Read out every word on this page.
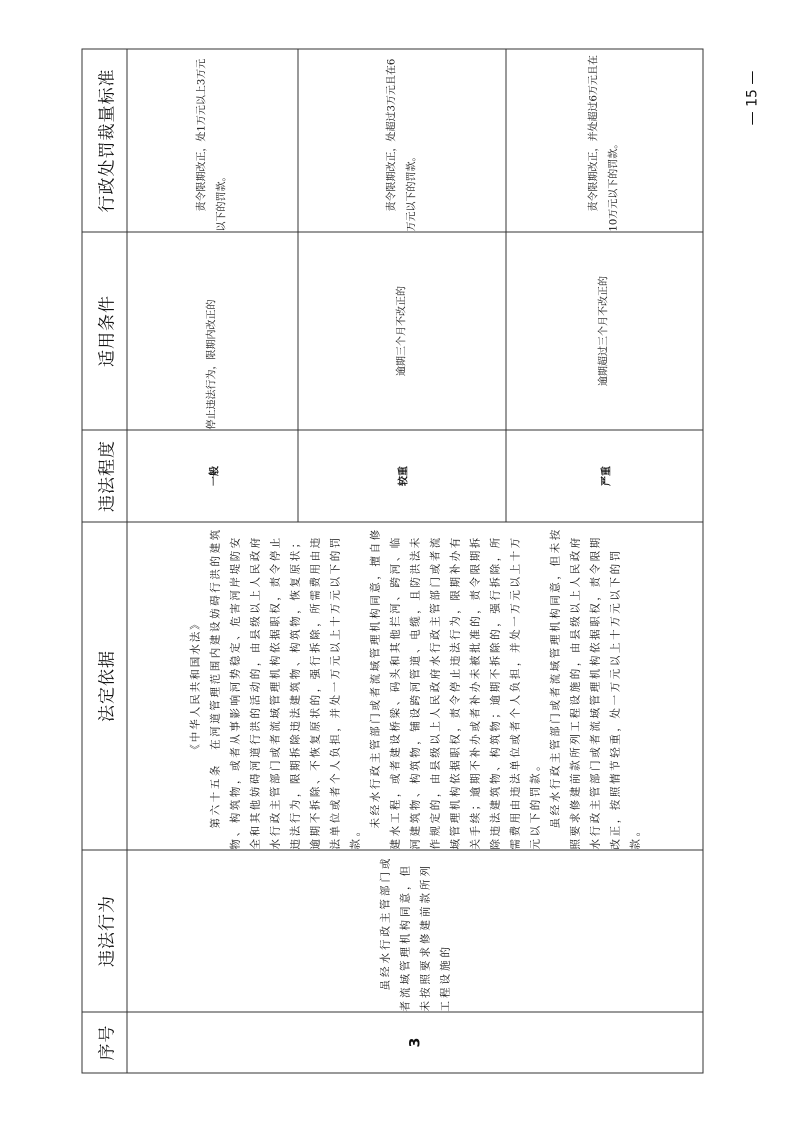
序号	违法行为	法定依据	违法程度	适用条件	行政处罚裁量标准
3	虽经水行政主管部门或者流域管理机构同意，但未按照要求修建前款所列工程设施的	《中华人民共和国水法》 第六十五条　在河道管理范围内建设妨碍行洪的建筑物、构筑物，或者从事影响河势稳定、危害河岸堤防安全和其他妨碍河道行洪的活动的，由县级以上人民政府水行政主管部门或者流域管理机构依据职权，责令停止违法行为，限期拆除违法建筑物、构筑物，恢复原状；逾期不拆除、不恢复原状的，强行拆除，所需费用由违法单位或者个人负担，并处一万元以上十万元以下的罚款。

未经水行政主管部门或者流域管理机构同意，擅自修建水工程，或者建设桥梁、码头和其他拦河、跨河、临河建筑物、构筑物，铺设跨河管道、电缆，且防洪法未作规定的，由县级以上人民政府水行政主管部门或者流域管理机构依据职权，责令停止违法行为，限期补办有关手续；逾期不补办或者补办未被批准的，责令限期拆除违法建筑物、构筑物；逾期不拆除的，强行拆除，所需费用由违法单位或者个人负担，并处一万元以上十万元以下的罚款。 虽经水行政主管部门或者流域管理机构同意，但未按照要求修建前款所列工程设施的，由县级以上人民政府水行政主管部门或者流域管理机构依据职权，责令限期改正，按照情节轻重，处一万元以上十万元以下的罚款。	一般	停止违法行为，限期内改正的	责令限期改正，处1万元以上3万元以下的罚款。

			较重	逾期三个月不改正的	责令限期改正，处超过3万元且在6万元以下的罚款。

			严重	逾期超过三个月不改正的	责令限期改正，并处超过6万元且在10万元以下的罚款。
— 15 —
